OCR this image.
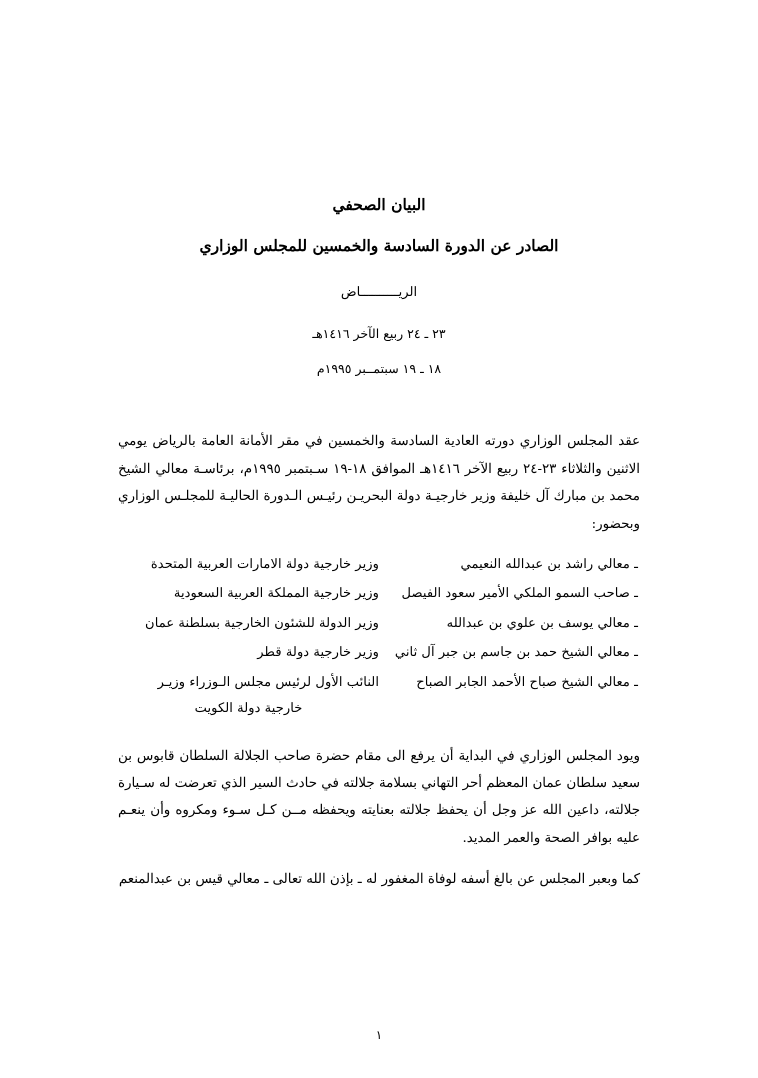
البيان الصحفي
الصادر عن الدورة السادسة والخمسين للمجلس الوزاري
الريــــــــــاض
٢٣ ـ ٢٤ ربيع الآخر ١٤١٦هـ
١٨ ـ ١٩ سبتمــبر ١٩٩٥م

عقد المجلس الوزاري دورته العادية السادسة والخمسين في مقر الأمانة العامة بالرياض يومي الاثنين والثلاثاء ٢٣-٢٤ ربيع الآخر ١٤١٦هـ الموافق ١٨-١٩ سـبتمبر ١٩٩٥م، برئاسـة معالي الشيخ محمد بن مبارك آل خليفة وزير خارجيـة دولة البحريـن رئيـس الـدورة الحاليـة للمجلـس الوزاري وبحضور:

ـ معالي راشد بن عبدالله النعيمي
وزير خارجية دولة الامارات العربية المتحدة
ـ صاحب السمو الملكي الأمير سعود الفيصل
وزير خارجية المملكة العربية السعودية
ـ معالي يوسف بن علوي بن عبدالله
وزير الدولة للشئون الخارجية بسلطنة عمان
ـ معالي الشيخ حمد بن جاسم بن جبر آل ثاني
وزير خارجية دولة قطر
ـ معالي الشيخ صباح الأحمد الجابر الصباح
النائب الأول لرئيس مجلس الـوزراء وزيـر
خارجية دولة الكويت

ويود المجلس الوزاري في البداية أن يرفع الى مقام حضرة صاحب الجلالة السلطان قابوس بن سعيد سلطان عمان المعظم أحر التهاني بسلامة جلالته في حادث السير الذي تعرضت له سـيارة جلالته، داعين الله عز وجل أن يحفظ جلالته بعنايته ويحفظه مــن كـل سـوء ومكروه وأن ينعـم عليه بوافر الصحة والعمر المديد.

كما وبعبر المجلس عن بالغ أسفه لوفاة المغفور له ـ بإذن الله تعالى ـ معالي قيس بن عبدالمنعم

١
